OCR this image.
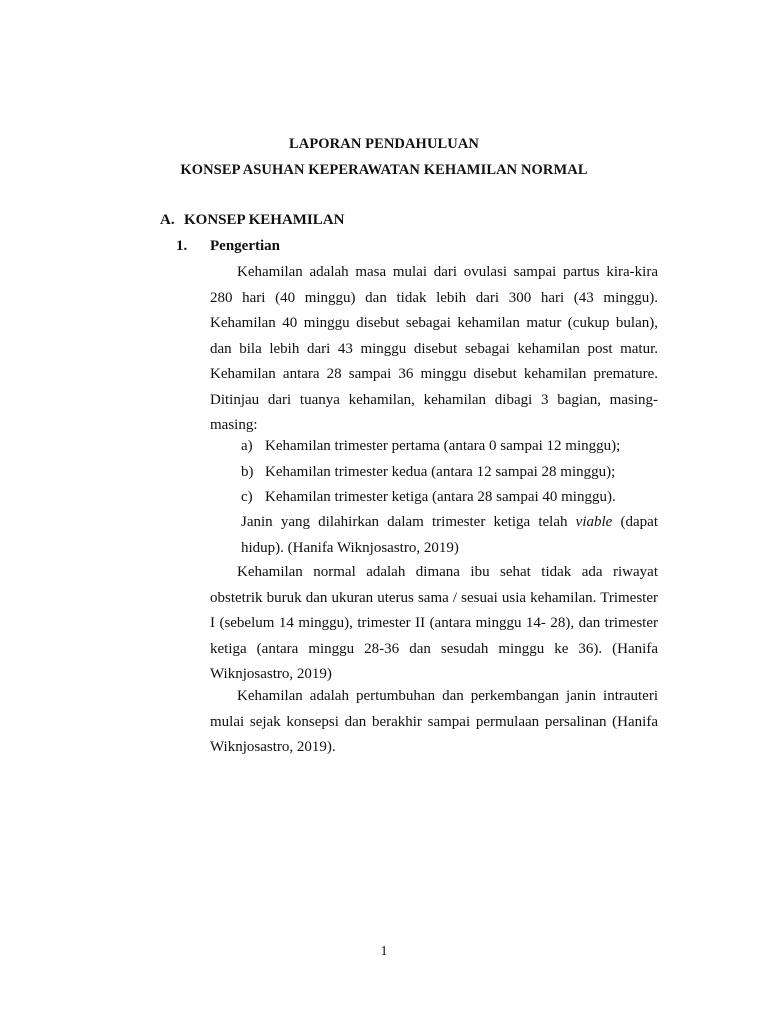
LAPORAN PENDAHULUAN
KONSEP ASUHAN KEPERAWATAN KEHAMILAN NORMAL
A. KONSEP KEHAMILAN
1. Pengertian
Kehamilan adalah masa mulai dari ovulasi sampai partus kira-kira 280 hari (40 minggu) dan tidak lebih dari 300 hari (43 minggu). Kehamilan 40 minggu disebut sebagai kehamilan matur (cukup bulan), dan bila lebih dari 43 minggu disebut sebagai kehamilan post matur. Kehamilan antara 28 sampai 36 minggu disebut kehamilan premature. Ditinjau dari tuanya kehamilan, kehamilan dibagi 3 bagian, masing-masing:
a) Kehamilan trimester pertama (antara 0 sampai 12 minggu);
b) Kehamilan trimester kedua (antara 12 sampai 28 minggu);
c) Kehamilan trimester ketiga (antara 28 sampai 40 minggu).
Janin yang dilahirkan dalam trimester ketiga telah viable (dapat hidup). (Hanifa Wiknjosastro, 2019)
Kehamilan normal adalah dimana ibu sehat tidak ada riwayat obstetrik buruk dan ukuran uterus sama / sesuai usia kehamilan. Trimester I (sebelum 14 minggu), trimester II (antara minggu 14- 28), dan trimester ketiga (antara minggu 28-36 dan sesudah minggu ke 36). (Hanifa Wiknjosastro, 2019)
Kehamilan adalah pertumbuhan dan perkembangan janin intrauteri mulai sejak konsepsi dan berakhir sampai permulaan persalinan (Hanifa Wiknjosastro, 2019).
1
